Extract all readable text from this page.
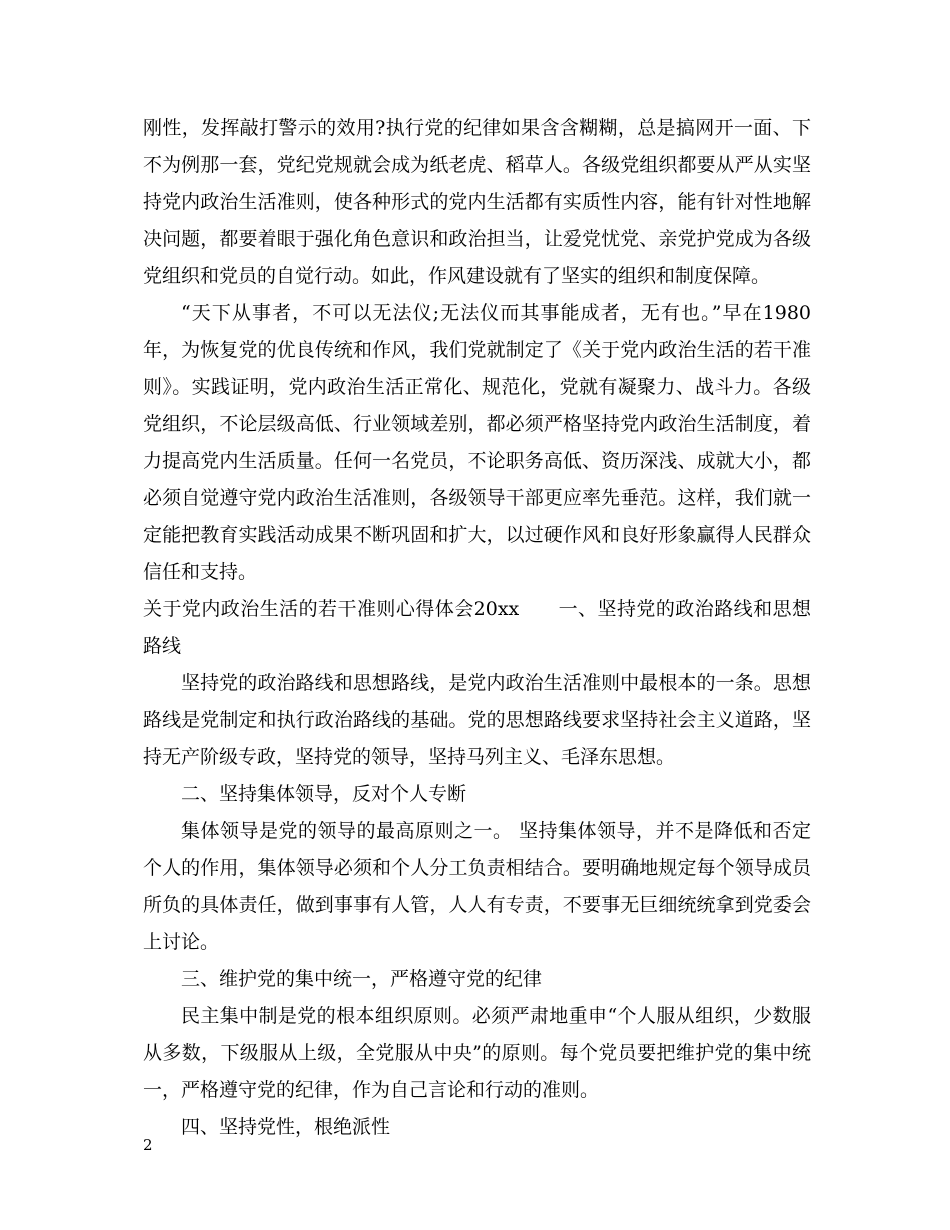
刚性，发挥敲打警示的效用?执行党的纪律如果含含糊糊，总是搞网开一面、下不为例那一套，党纪党规就会成为纸老虎、稻草人。各级党组织都要从严从实坚持党内政治生活准则，使各种形式的党内生活都有实质性内容，能有针对性地解决问题，都要着眼于强化角色意识和政治担当，让爱党忧党、亲党护党成为各级党组织和党员的自觉行动。如此，作风建设就有了坚实的组织和制度保障。

“天下从事者，不可以无法仪;无法仪而其事能成者，无有也。”早在1980年，为恢复党的优良传统和作风，我们党就制定了《关于党内政治生活的若干准则》。实践证明，党内政治生活正常化、规范化，党就有凝聚力、战斗力。各级党组织，不论层级高低、行业领域差别，都必须严格坚持党内政治生活制度，着力提高党内生活质量。任何一名党员，不论职务高低、资历深浅、成就大小，都必须自觉遵守党内政治生活准则，各级领导干部更应率先垂范。这样，我们就一定能把教育实践活动成果不断巩固和扩大，以过硬作风和良好形象赢得人民群众信任和支持。

关于党内政治生活的若干准则心得体会20xx　　一、坚持党的政治路线和思想路线

坚持党的政治路线和思想路线，是党内政治生活准则中最根本的一条。思想路线是党制定和执行政治路线的基础。党的思想路线要求坚持社会主义道路，坚持无产阶级专政，坚持党的领导，坚持马列主义、毛泽东思想。

二、坚持集体领导，反对个人专断

集体领导是党的领导的最高原则之一。 坚持集体领导，并不是降低和否定个人的作用，集体领导必须和个人分工负责相结合。要明确地规定每个领导成员所负的具体责任，做到事事有人管，人人有专责，不要事无巨细统统拿到党委会上讨论。

三、维护党的集中统一，严格遵守党的纪律

民主集中制是党的根本组织原则。必须严肃地重申“个人服从组织，少数服从多数，下级服从上级，全党服从中央”的原则。每个党员要把维护党的集中统一，严格遵守党的纪律，作为自己言论和行动的准则。

四、坚持党性，根绝派性

2
